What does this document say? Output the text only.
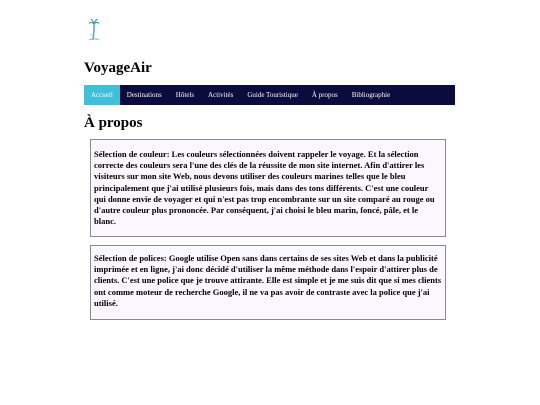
VoyageAir
Accueil	Destinations	Hôtels	Activités	Guide Touristique	À propos	Bibliographie
À propos
Sélection de couleur: Les couleurs sélectionnées doivent rappeler le voyage. Et la sélection correcte des couleurs sera l'une des clés de la réussite de mon site internet. Afin d'attirer les visiteurs sur mon site Web, nous devons utiliser des couleurs marines telles que le bleu principalement que j'ai utilisé plusieurs fois, mais dans des tons différents. C'est une couleur qui donne envie de voyager et qui n'est pas trop encombrante sur un site comparé au rouge ou d'autre couleur plus prononcée. Par conséquent, j'ai choisi le bleu marin, foncé, pâle, et le blanc.
Sélection de polices: Google utilise Open sans dans certains de ses sites Web et dans la publicité imprimée et en ligne, j'ai donc décidé d'utiliser la même méthode dans l'espoir d'attirer plus de clients. C'est une police que je trouve attirante. Elle est simple et je me suis dit que si mes clients ont comme moteur de recherche Google, il ne va pas avoir de contraste avec la police que j'ai utilisé.
